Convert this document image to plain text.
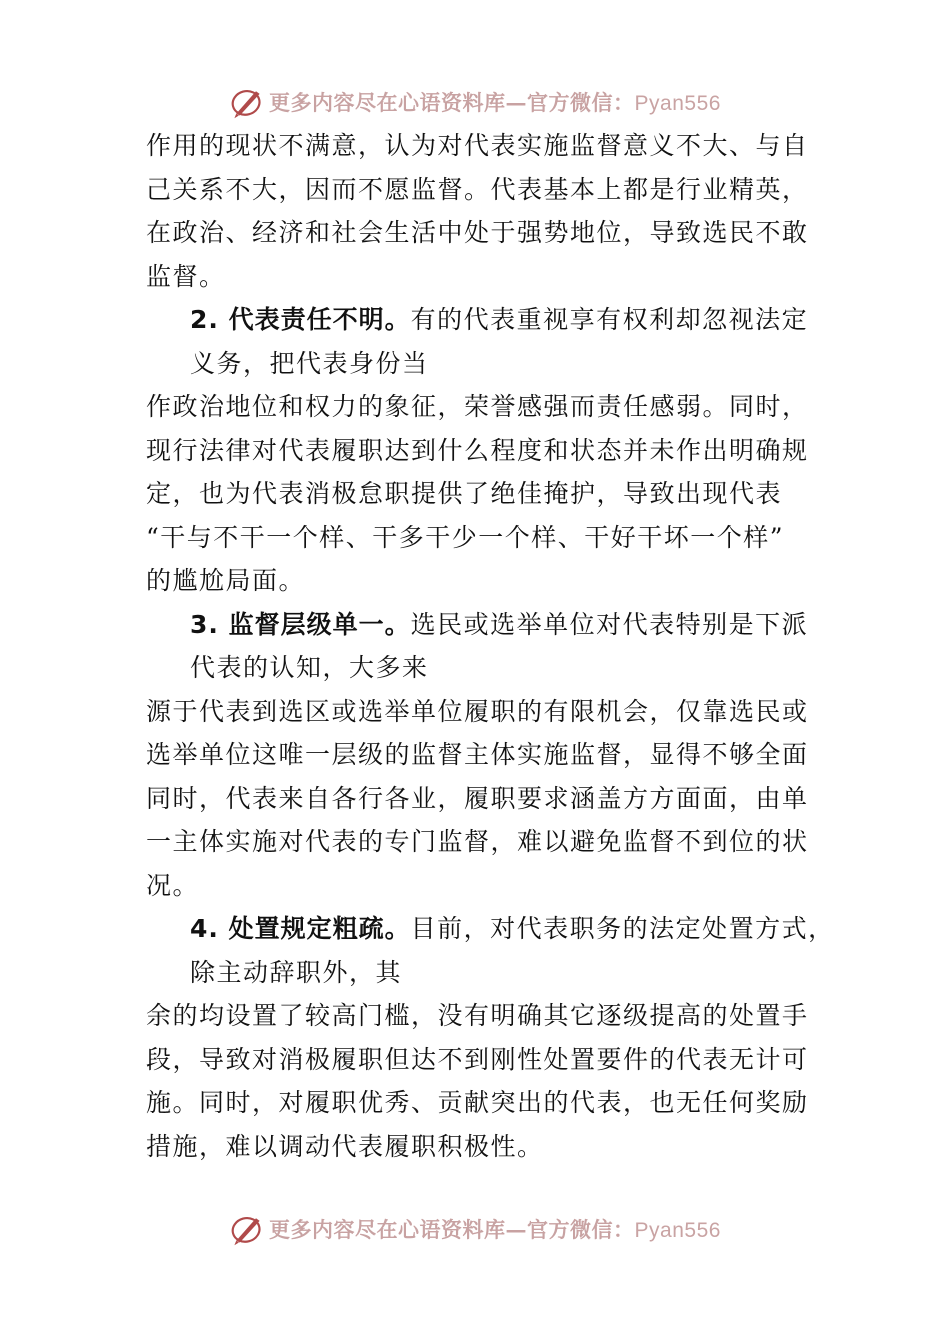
更多内容尽在心语资料库—官方微信：Pyan556
作用的现状不满意，认为对代表实施监督意义不大、与自
己关系不大，因而不愿监督。代表基本上都是行业精英，
在政治、经济和社会生活中处于强势地位，导致选民不敢
监督。
2. 代表责任不明。有的代表重视享有权利却忽视法定
义务，把代表身份当
作政治地位和权力的象征，荣誉感强而责任感弱。同时，
现行法律对代表履职达到什么程度和状态并未作出明确规
定，也为代表消极怠职提供了绝佳掩护，导致出现代表
“干与不干一个样、干多干少一个样、干好干坏一个样”
的尴尬局面。
3. 监督层级单一。选民或选举单位对代表特别是下派
代表的认知，大多来
源于代表到选区或选举单位履职的有限机会，仅靠选民或
选举单位这唯一层级的监督主体实施监督，显得不够全面
同时，代表来自各行各业，履职要求涵盖方方面面，由单
一主体实施对代表的专门监督，难以避免监督不到位的状
况。
4. 处置规定粗疏。目前，对代表职务的法定处置方式，
除主动辞职外，其
余的均设置了较高门槛，没有明确其它逐级提高的处置手
段，导致对消极履职但达不到刚性处置要件的代表无计可
施。同时，对履职优秀、贡献突出的代表，也无任何奖励
措施，难以调动代表履职积极性。
更多内容尽在心语资料库—官方微信：Pyan556
